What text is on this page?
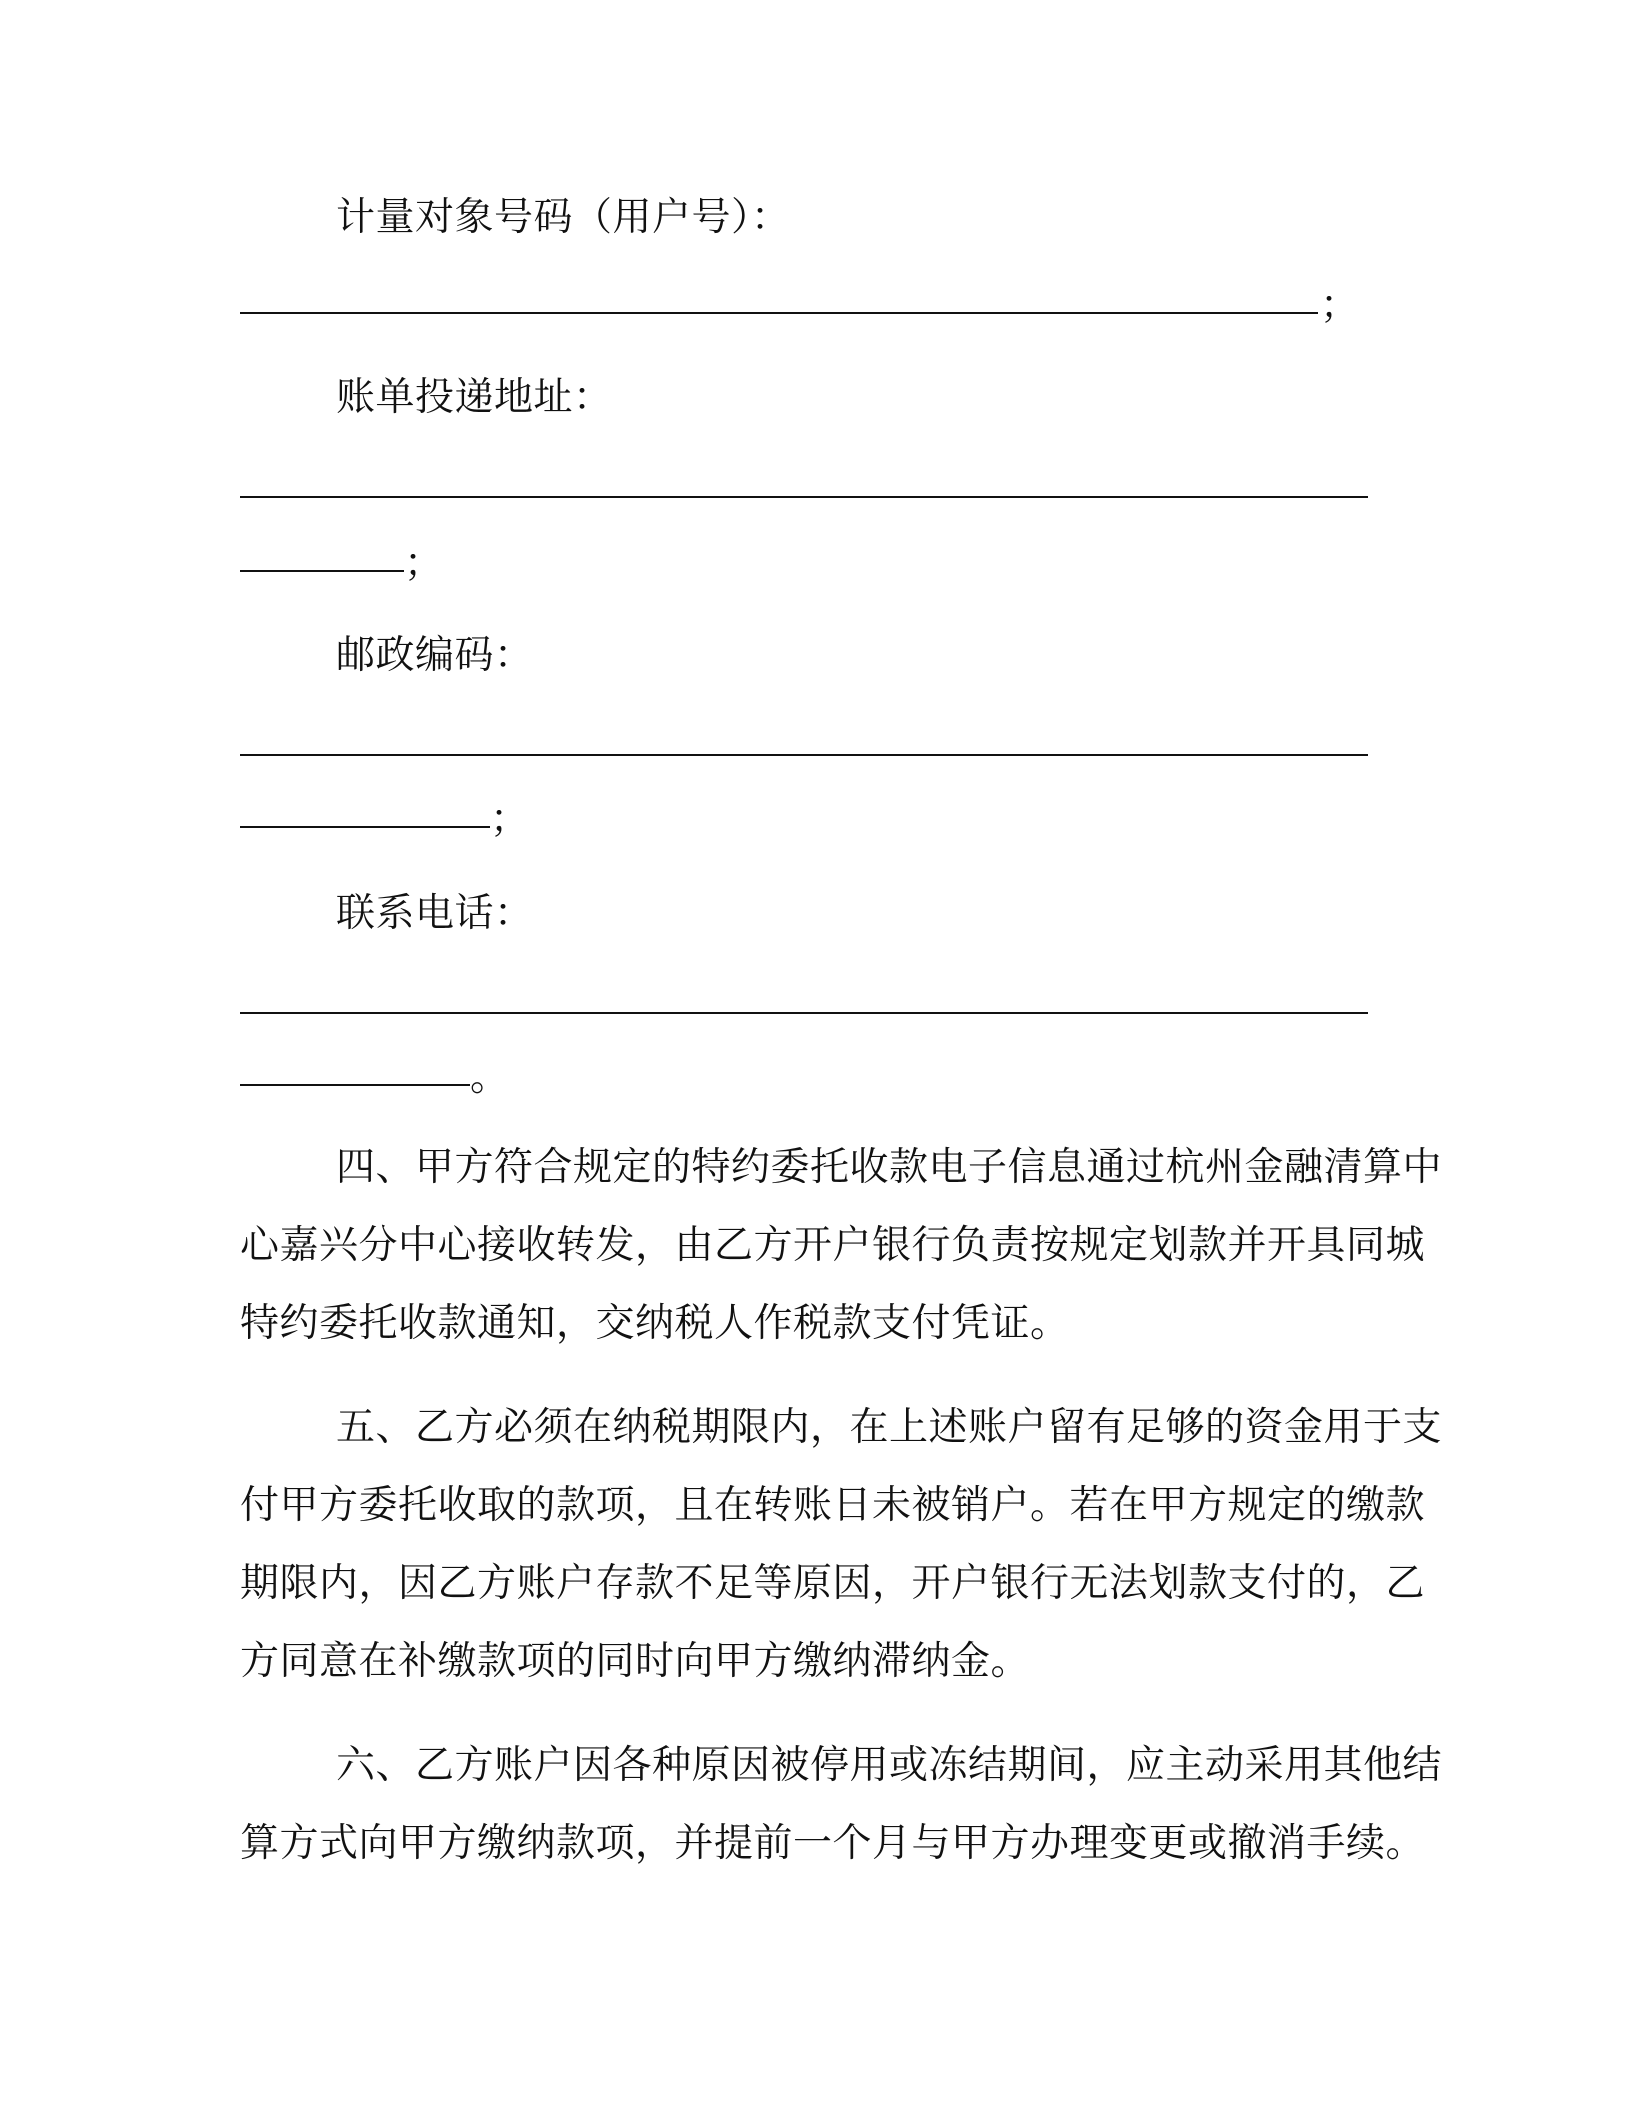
计量对象号码（用户号）：
；
账单投递地址：
；
邮政编码：
；
联系电话：
。
四、甲方符合规定的特约委托收款电子信息通过杭州金融清算中
心嘉兴分中心接收转发，由乙方开户银行负责按规定划款并开具同城
特约委托收款通知，交纳税人作税款支付凭证。
五、乙方必须在纳税期限内，在上述账户留有足够的资金用于支
付甲方委托收取的款项，且在转账日未被销户。若在甲方规定的缴款
期限内，因乙方账户存款不足等原因，开户银行无法划款支付的，乙
方同意在补缴款项的同时向甲方缴纳滞纳金。
六、乙方账户因各种原因被停用或冻结期间，应主动采用其他结
算方式向甲方缴纳款项，并提前一个月与甲方办理变更或撤消手续。
